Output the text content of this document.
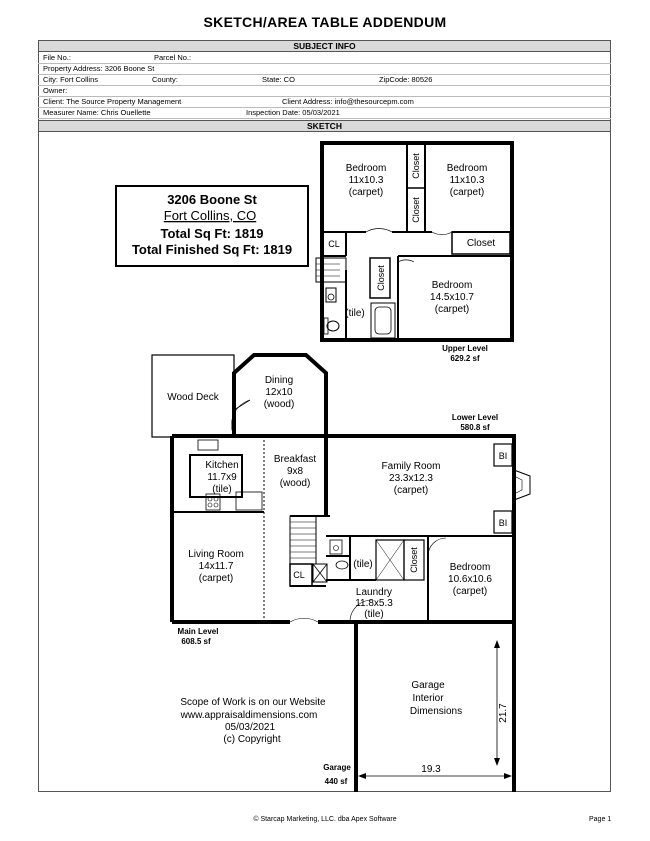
SKETCH/AREA TABLE ADDENDUM
SUBJECT INFO
File No.:	Parcel No.:
Property Address: 3206 Boone St
City: Fort Collins	County:	State: CO	ZipCode: 80526
Owner:
Client: The Source Property Management	Client Address: info@thesourcepm.com
Measurer Name: Chris Ouellette	Inspection Date: 05/03/2021
SKETCH
3206 Boone St
Fort Collins, CO
Total Sq Ft: 1819
Total Finished Sq Ft: 1819
Closet
Closet
Closet
Closet
CL
Bedroom
11x10.3
(carpet)
Bedroom
11x10.3
(carpet)
Bedroom
14.5x10.7
(carpet)
(tile)
Upper Level
629.2 sf
Wood Deck
Dining
12x10
(wood)
Kitchen
11.7x9
(tile)
Breakfast
9x8
(wood)
Living Room
14x11.7
(carpet)	CL
Main Level
608.5 sf
BI
BI
Family Room
23.3x12.3
(carpet)
(tile)	Closet
Laundry
11.8x5.3
(tile)
Bedroom
10.6x10.6
(carpet)
Lower Level
580.8 sf
Garage
Interior
Dimensions	21.7
19.3
Garage
440 sf
Scope of Work is on our Website
www.appraisaldimensions.com
05/03/2021
(c) Copyright
© Starcap Marketing, LLC. dba Apex Software	Page 1
